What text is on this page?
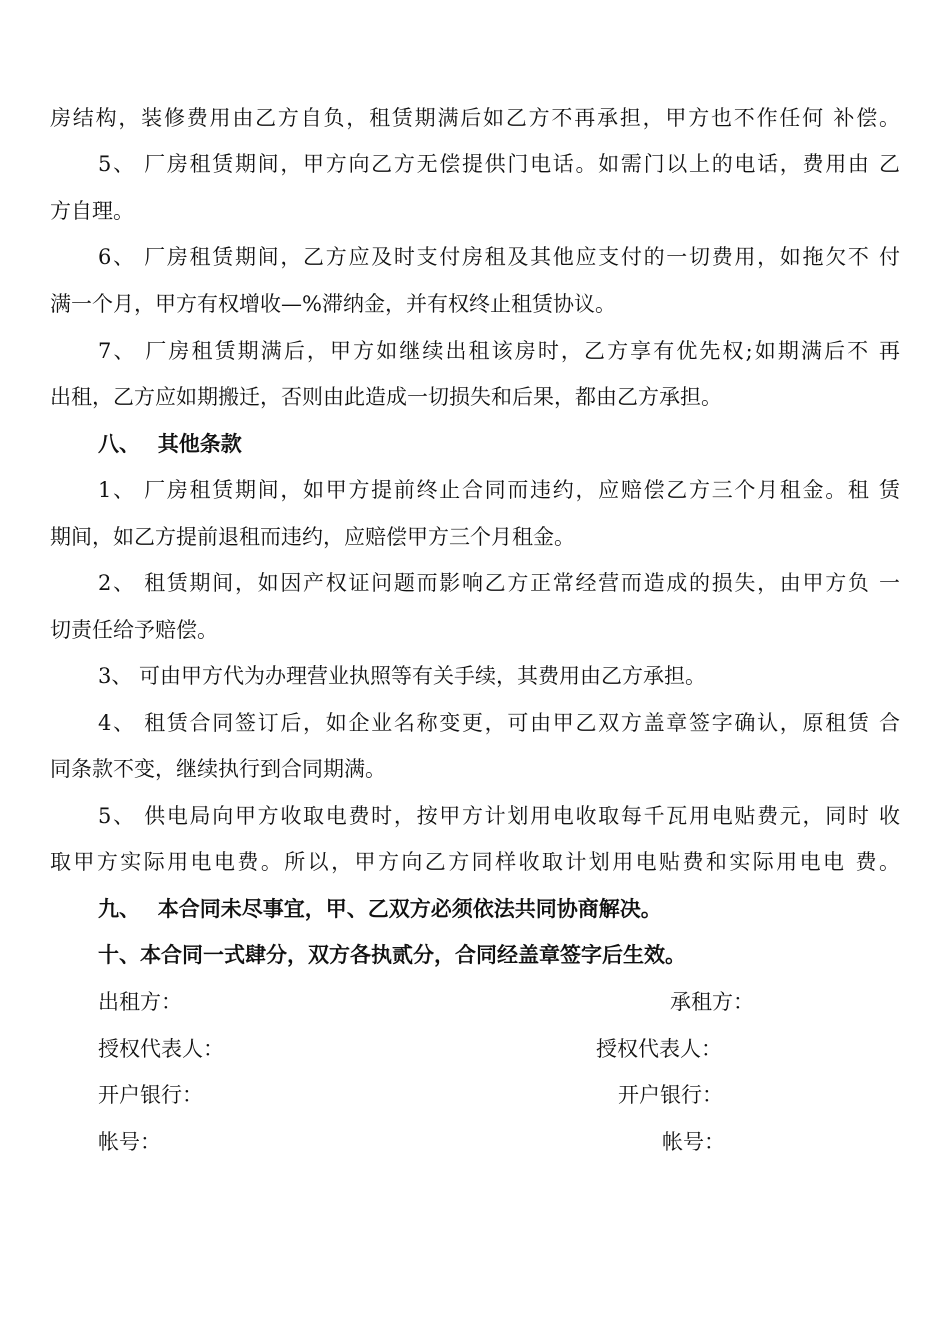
房结构，装修费用由乙方自负，租赁期满后如乙方不再承担，甲方也不作任何 补偿。
5、 厂房租赁期间，甲方向乙方无偿提供门电话。如需门以上的电话，费用由 乙
方自理。
6、 厂房租赁期间，乙方应及时支付房租及其他应支付的一切费用，如拖欠不 付
满一个月，甲方有权增收—%滞纳金，并有权终止租赁协议。
7、 厂房租赁期满后，甲方如继续出租该房时，乙方享有优先权;如期满后不 再
出租，乙方应如期搬迁，否则由此造成一切损失和后果，都由乙方承担。
八、　 其他条款
1、 厂房租赁期间，如甲方提前终止合同而违约，应赔偿乙方三个月租金。租 赁
期间，如乙方提前退租而违约，应赔偿甲方三个月租金。
2、 租赁期间，如因产权证问题而影响乙方正常经营而造成的损失，由甲方负 一
切责任给予赔偿。
3、 可由甲方代为办理营业执照等有关手续，其费用由乙方承担。
4、 租赁合同签订后，如企业名称变更，可由甲乙双方盖章签字确认，原租赁 合
同条款不变，继续执行到合同期满。
5、 供电局向甲方收取电费时，按甲方计划用电收取每千瓦用电贴费元，同时 收
取甲方实际用电电费。所以，甲方向乙方同样收取计划用电贴费和实际用电电 费。
九、　 本合同未尽事宜，甲、乙双方必须依法共同协商解决。
十、本合同一式肆分，双方各执贰分，合同经盖章签字后生效。
出租方：	承租方：
授权代表人：	授权代表人：
开户银行：	开户银行：
帐号：	帐号：
